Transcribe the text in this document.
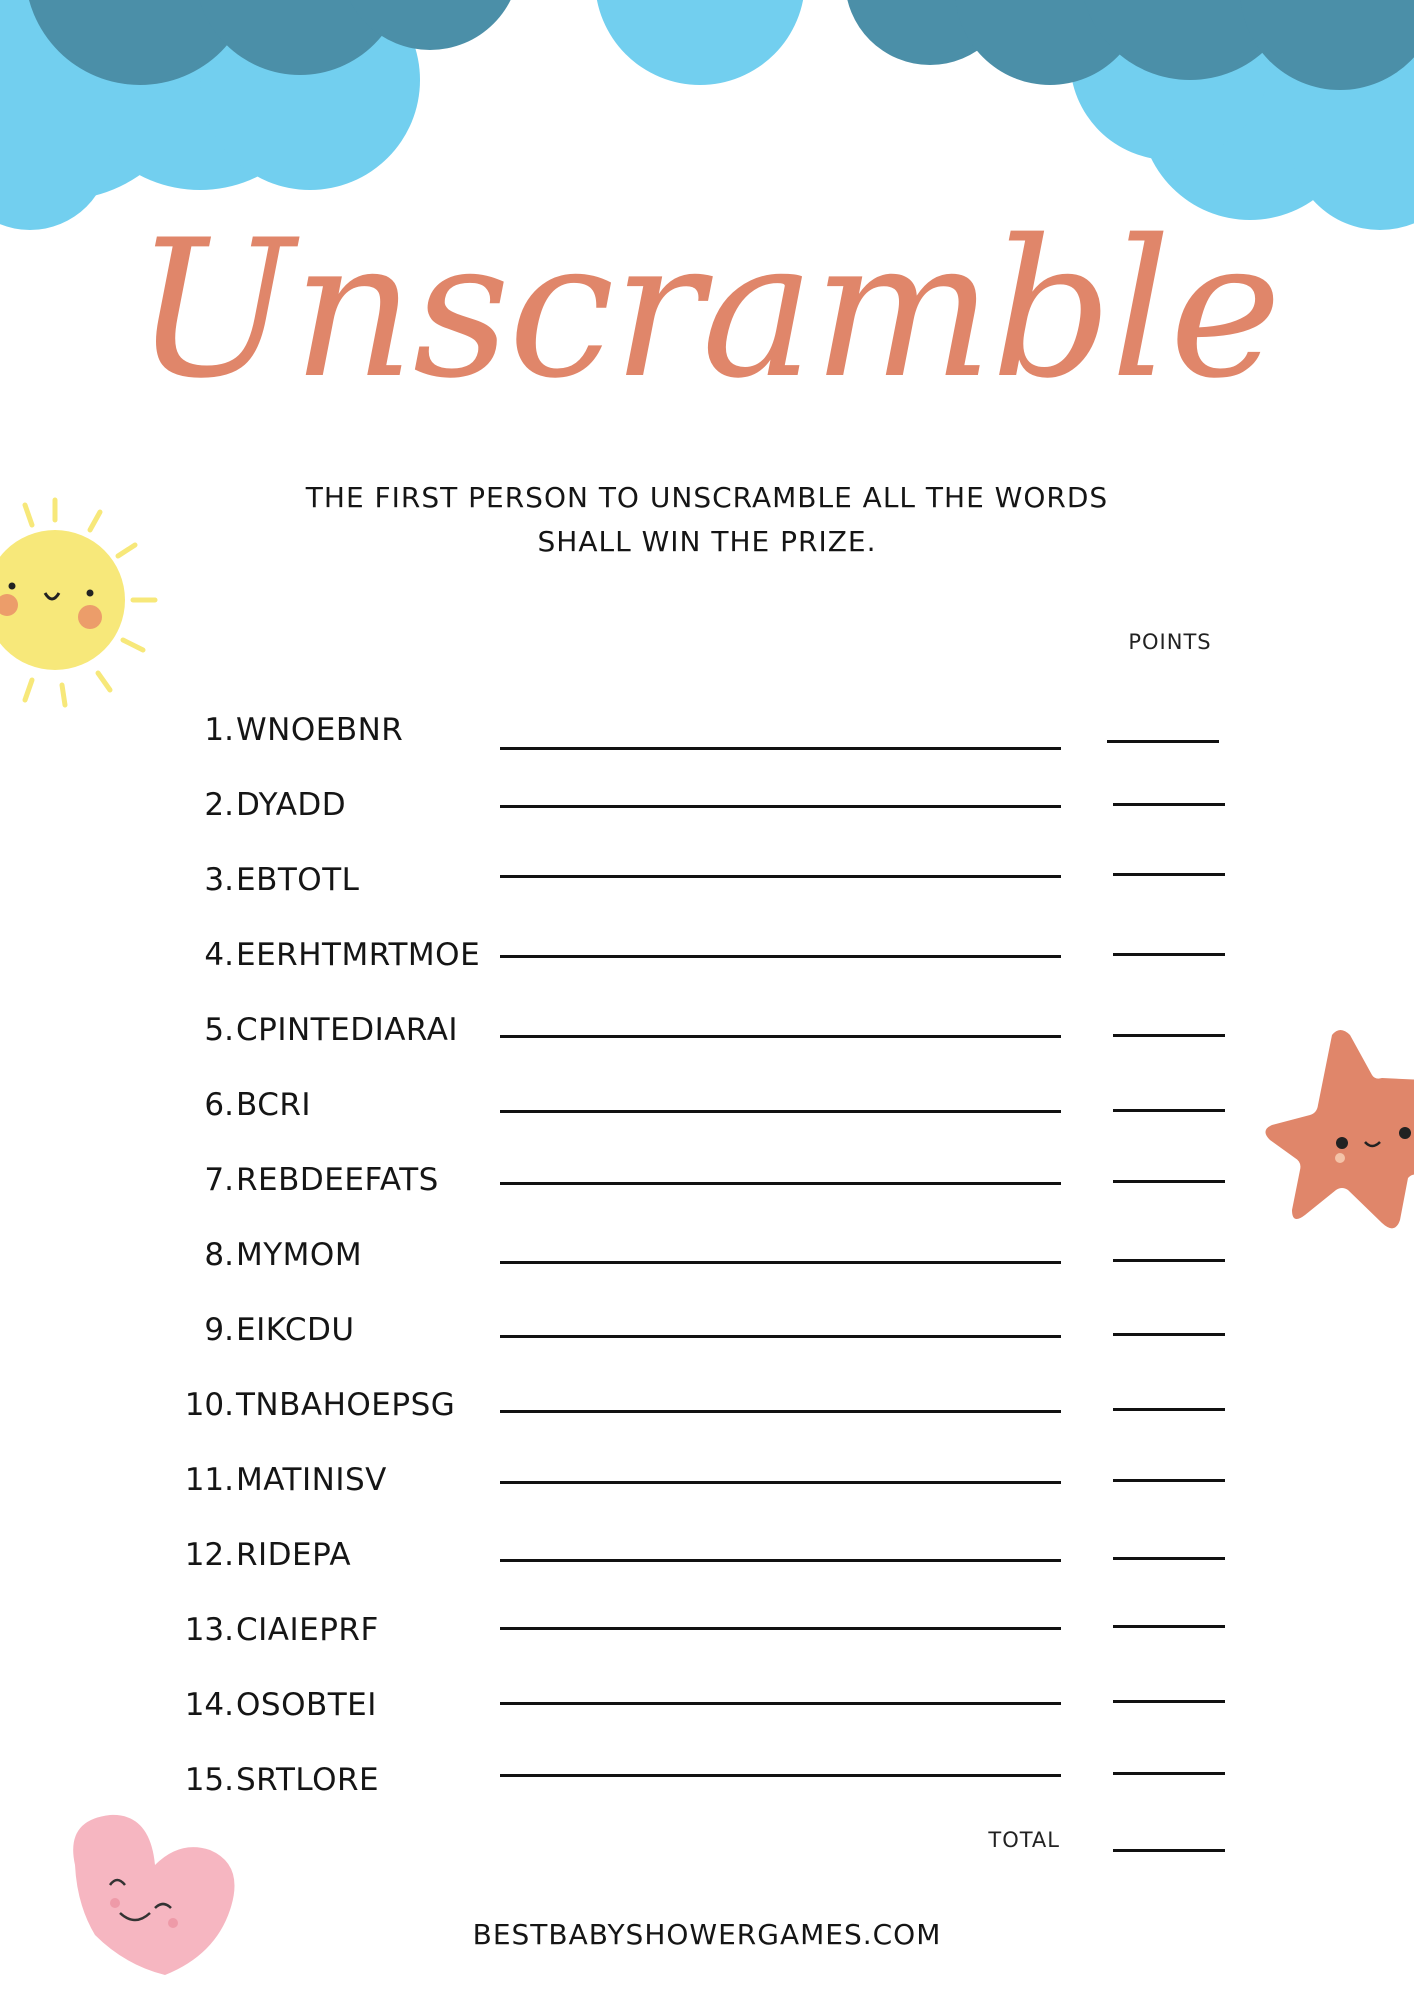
Unscramble
THE FIRST PERSON TO UNSCRAMBLE ALL THE WORDS
SHALL WIN THE PRIZE.
POINTS
1. WNOEBNR
2. DYADD
3. EBTOTL
4. EERHTMRTMOE
5. CPINTEDIARAI
6. BCRI
7. REBDEEFATS
8. MYMOM
9. EIKCDU
10. TNBAHOEPSG
11. MATINISV
12. RIDEPA
13. CIAIEPRF
14. OSOBTEI
15. SRTLORE
TOTAL
BESTBABYSHOWERGAMES.COM
